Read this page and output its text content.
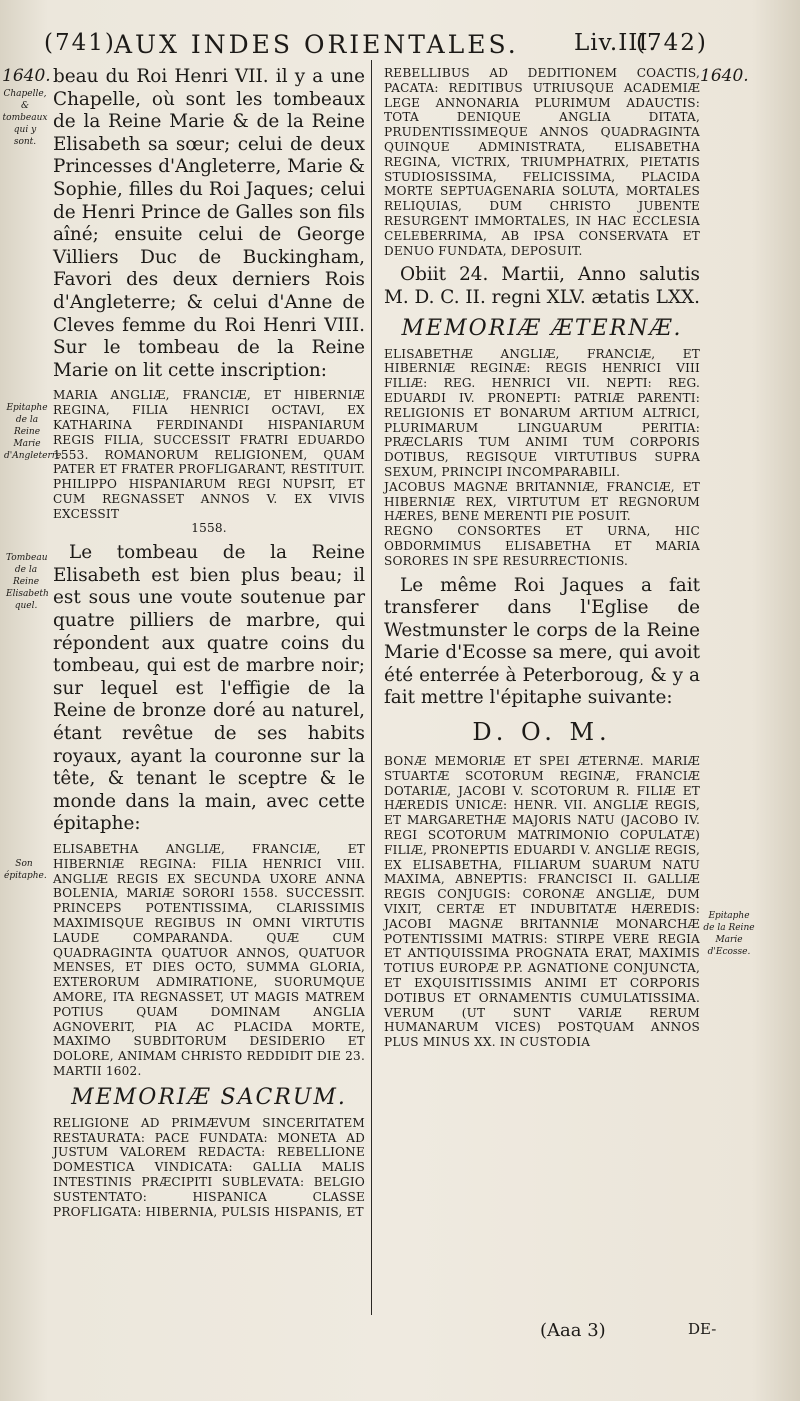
(741)
AUX INDES ORIENTALES. Liv.III.
(742)
1640.	1640.
Chapelle, & tombeaux qui y sont.
Epitaphe de la Reine Marie d'Angleterre.
Tombeau de la Reine Elisabeth quel.
Son épitaphe.
Epitaphe de la Reine Marie d'Ecosse.

beau du Roi Henri VII. il y a une Chapelle, où sont les tombeaux de la Reine Marie & de la Reine Elisabeth sa sœur; celui de deux Princesses d'Angleterre, Marie & Sophie, filles du Roi Jaques; celui de Henri Prince de Galles son fils aîné; ensuite celui de George Villiers Duc de Buckingham, Favori des deux derniers Rois d'Angleterre; & celui d'Anne de Cleves femme du Roi Henri VIII. Sur le tombeau de la Reine Marie on lit cette inscription:

MARIA ANGLIÆ, FRANCIÆ, ET HIBERNIÆ REGINA, FILIA HENRICI OCTAVI, EX KATHARINA FERDINANDI HISPANIARUM REGIS FILIA, SUCCESSIT FRATRI EDUARDO 1553. ROMANORUM RELIGIONEM, QUAM PATER ET FRATER PROFLIGARANT, RESTITUIT. PHILIPPO HISPANIARUM REGI NUPSIT, ET CUM REGNASSET ANNOS V. EX VIVIS EXCESSIT

1558.

Le tombeau de la Reine Elisabeth est bien plus beau; il est sous une voute soutenue par quatre pilliers de marbre, qui répondent aux quatre coins du tombeau, qui est de marbre noir; sur lequel est l'effigie de la Reine de bronze doré au naturel, étant revêtue de ses habits royaux, ayant la couronne sur la tête, & tenant le sceptre & le monde dans la main, avec cette épitaphe:

ELISABETHA ANGLIÆ, FRANCIÆ, ET HIBERNIÆ REGINA: FILIA HENRICI VIII. ANGLIÆ REGIS EX SECUNDA UXORE ANNA BOLENIA, MARIÆ SORORI 1558. SUCCESSIT. PRINCEPS POTENTISSIMA, CLARISSIMIS MAXIMISQUE REGIBUS IN OMNI VIRTUTIS LAUDE COMPARANDA. QUÆ CUM QUADRAGINTA QUATUOR ANNOS, QUATUOR MENSES, ET DIES OCTO, SUMMA GLORIA, EXTERORUM ADMIRATIONE, SUORUMQUE AMORE, ITA REGNASSET, UT MAGIS MATREM POTIUS QUAM DOMINAM ANGLIA AGNOVERIT, PIA AC PLACIDA MORTE, MAXIMO SUBDITORUM DESIDERIO ET DOLORE, ANIMAM CHRISTO REDDIDIT DIE 23. MARTII 1602.

MEMORIÆ SACRUM.

RELIGIONE AD PRIMÆVUM SINCERITATEM RESTAURATA: PACE FUNDATA: MONETA AD JUSTUM VALOREM REDACTA: REBELLIONE DOMESTICA VINDICATA: GALLIA MALIS INTESTINIS PRÆCIPITI SUBLEVATA: BELGIO SUSTENTATO: HISPANICA CLASSE PROFLIGATA: HIBERNIA, PULSIS HISPANIS, ET

REBELLIBUS AD DEDITIONEM COACTIS, PACATA: REDITIBUS UTRIUSQUE ACADEMIÆ LEGE ANNONARIA PLURIMUM ADAUCTIS: TOTA DENIQUE ANGLIA DITATA, PRUDENTISSIMEQUE ANNOS QUADRAGINTA QUINQUE ADMINISTRATA, ELISABETHA REGINA, VICTRIX, TRIUMPHATRIX, PIETATIS STUDIOSISSIMA, FELICISSIMA, PLACIDA MORTE SEPTUAGENARIA SOLUTA, MORTALES RELIQUIAS, DUM CHRISTO JUBENTE RESURGENT IMMORTALES, IN HAC ECCLESIA CELEBERRIMA, AB IPSA CONSERVATA ET DENUO FUNDATA, DEPOSUIT.

Obiit 24. Martii, Anno salutis M. D. C. II. regni XLV. ætatis LXX.

MEMORIÆ ÆTERNÆ.

ELISABETHÆ ANGLIÆ, FRANCIÆ, ET HIBERNIÆ REGINÆ: REGIS HENRICI VIII FILIÆ: REG. HENRICI VII. NEPTI: REG. EDUARDI IV. PRONEPTI: PATRIÆ PARENTI: RELIGIONIS ET BONARUM ARTIUM ALTRICI, PLURIMARUM LINGUARUM PERITIA: PRÆCLARIS TUM ANIMI TUM CORPORIS DOTIBUS, REGISQUE VIRTUTIBUS SUPRA SEXUM, PRINCIPI INCOMPARABILI.

JACOBUS MAGNÆ BRITANNIÆ, FRANCIÆ, ET HIBERNIÆ REX, VIRTUTUM ET REGNORUM HÆRES, BENE MERENTI PIE POSUIT.

REGNO CONSORTES ET URNA, HIC OBDORMIMUS ELISABETHA ET MARIA SORORES IN SPE RESURRECTIONIS.

Le même Roi Jaques a fait transferer dans l'Eglise de Westmunster le corps de la Reine Marie d'Ecosse sa mere, qui avoit été enterrée à Peterboroug, & y a fait mettre l'épitaphe suivante:

D. O. M.

BONÆ MEMORIÆ ET SPEI ÆTERNÆ. MARIÆ STUARTÆ SCOTORUM REGINÆ, FRANCIÆ DOTARIÆ, JACOBI V. SCOTORUM R. FILIÆ ET HÆREDIS UNICÆ: HENR. VII. ANGLIÆ REGIS, ET MARGARETHÆ MAJORIS NATU (JACOBO IV. REGI SCOTORUM MATRIMONIO COPULATÆ) FILIÆ, PRONEPTIS EDUARDI V. ANGLIÆ REGIS, EX ELISABETHA, FILIARUM SUARUM NATU MAXIMA, ABNEPTIS: FRANCISCI II. GALLIÆ REGIS CONJUGIS: CORONÆ ANGLIÆ, DUM VIXIT, CERTÆ ET INDUBITATÆ HÆREDIS: JACOBI MAGNÆ BRITANNIÆ MONARCHÆ POTENTISSIMI MATRIS: STIRPE VERE REGIA ET ANTIQUISSIMA PROGNATA ERAT, MAXIMIS TOTIUS EUROPÆ P.P. AGNATIONE CONJUNCTA, ET EXQUISITISSIMIS ANIMI ET CORPORIS DOTIBUS ET ORNAMENTIS CUMULATISSIMA. VERUM (UT SUNT VARIÆ RERUM HUMANARUM VICES) POSTQUAM ANNOS PLUS MINUS XX. IN CUSTODIA

(Aaa 3)	DE-
